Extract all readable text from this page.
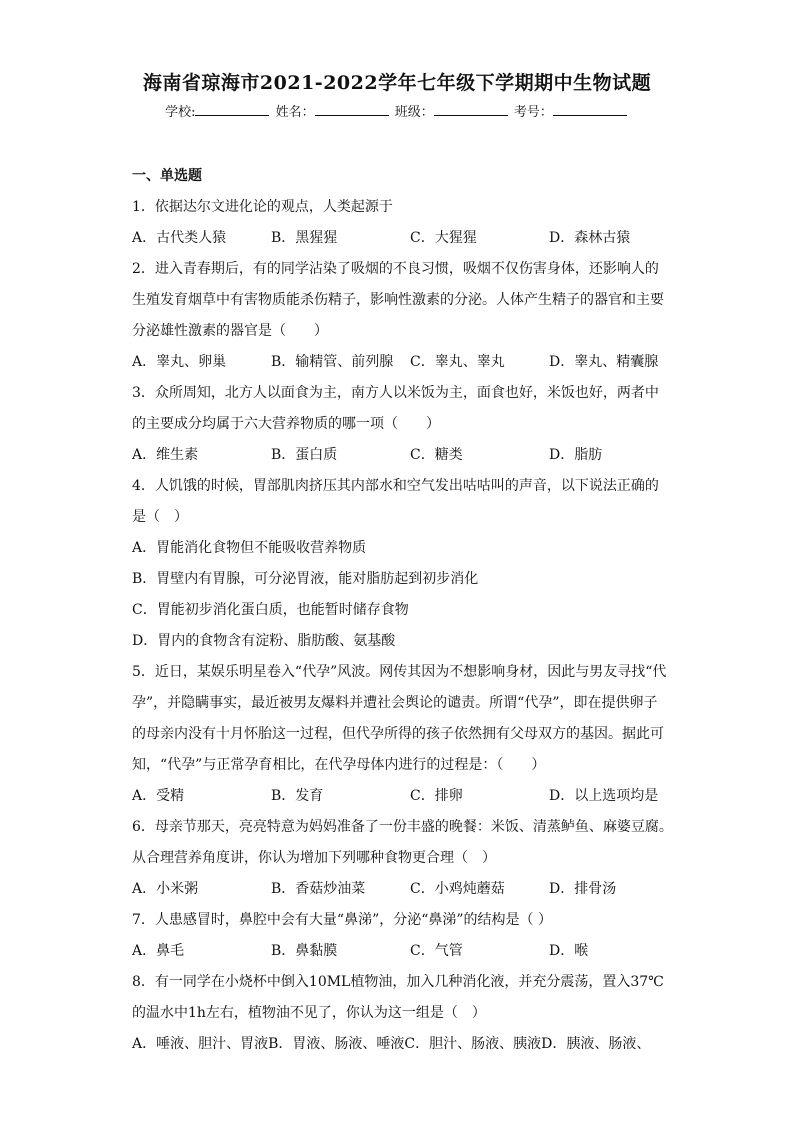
海南省琼海市2021-2022学年七年级下学期期中生物试题
学校:	姓名：	班级：	考号：
一、单选题
1．依据达尔文进化论的观点，人类起源于
A．古代类人猿	B．黑猩猩	C．大猩猩	D．森林古猿
2．进入青春期后，有的同学沾染了吸烟的不良习惯，吸烟不仅伤害身体，还影响人的
生殖发育烟草中有害物质能杀伤精子，影响性激素的分泌。人体产生精子的器官和主要
分泌雄性激素的器官是（　　）
A．睾丸、卵巢	B．输精管、前列腺	C．睾丸、睾丸	D．睾丸、精囊腺
3．众所周知，北方人以面食为主，南方人以米饭为主，面食也好，米饭也好，两者中
的主要成分均属于六大营养物质的哪一项（　　）
A．维生素	B．蛋白质	C．糖类	D．脂肪
4．人饥饿的时候，胃部肌肉挤压其内部水和空气发出咕咕叫的声音，以下说法正确的
是（　）
A．胃能消化食物但不能吸收营养物质
B．胃壁内有胃腺，可分泌胃液，能对脂肪起到初步消化
C．胃能初步消化蛋白质，也能暂时储存食物
D．胃内的食物含有淀粉、脂肪酸、氨基酸
5．近日，某娱乐明星卷入“代孕”风波。网传其因为不想影响身材，因此与男友寻找“代
孕”，并隐瞒事实，最近被男友爆料并遭社会舆论的谴责。所谓“代孕”，即在提供卵子
的母亲内没有十月怀胎这一过程，但代孕所得的孩子依然拥有父母双方的基因。据此可
知，“代孕”与正常孕育相比，在代孕母体内进行的过程是：（　　）
A．受精	B．发育	C．排卵	D．以上选项均是
6．母亲节那天，亮亮特意为妈妈准备了一份丰盛的晚餐：米饭、清蒸鲈鱼、麻婆豆腐。
从合理营养角度讲，你认为增加下列哪种食物更合理（　）
A．小米粥	B．香菇炒油菜	C．小鸡炖蘑菇	D．排骨汤
7．人患感冒时，鼻腔中会有大量“鼻涕”，分泌“鼻涕”的结构是（ ）
A．鼻毛	B．鼻黏膜	C．气管	D．喉
8．有一同学在小烧杯中倒入10ML植物油，加入几种消化液，并充分震荡，置入37℃
的温水中1h左右，植物油不见了，你认为这一组是（　）
A．唾液、胆汁、胃液 B．胃液、肠液、唾液 C．胆汁、肠液、胰液 D．胰液、肠液、
